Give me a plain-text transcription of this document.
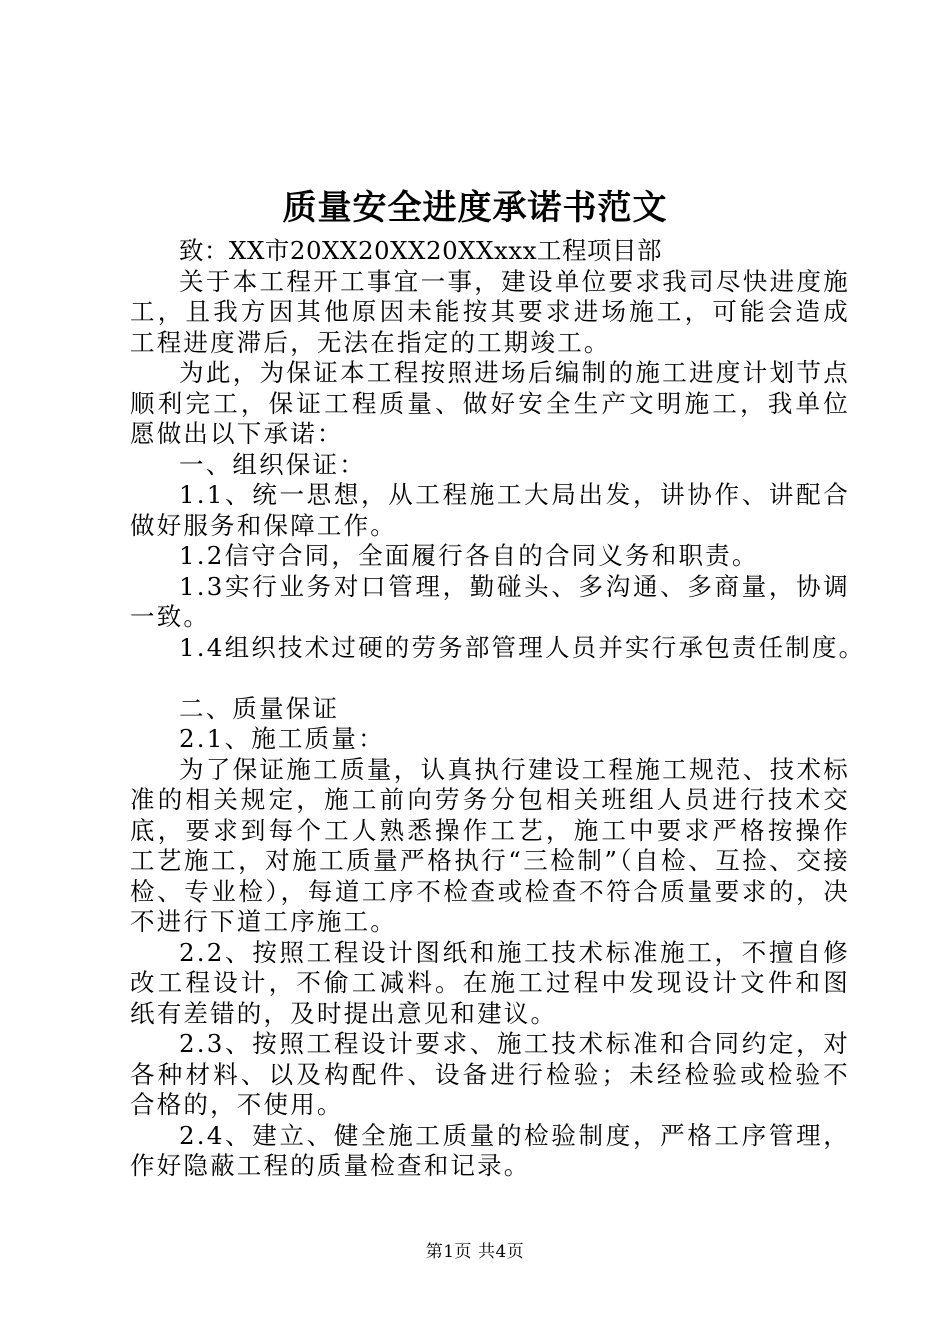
质量安全进度承诺书范文

致：XX市20XX20XX20XXxxx工程项目部

关于本工程开工事宜一事，建设单位要求我司尽快进度施工，且我方因其他原因未能按其要求进场施工，可能会造成工程进度滞后，无法在指定的工期竣工。

为此，为保证本工程按照进场后编制的施工进度计划节点顺利完工，保证工程质量、做好安全生产文明施工，我单位愿做出以下承诺：

一、组织保证：

1.1、统一思想，从工程施工大局出发，讲协作、讲配合做好服务和保障工作。

1.2信守合同，全面履行各自的合同义务和职责。

1.3实行业务对口管理，勤碰头、多沟通、多商量，协调一致。

1.4组织技术过硬的劳务部管理人员并实行承包责任制度。

二、质量保证

2.1、施工质量：

为了保证施工质量，认真执行建设工程施工规范、技术标准的相关规定，施工前向劳务分包相关班组人员进行技术交底，要求到每个工人熟悉操作工艺，施工中要求严格按操作工艺施工，对施工质量严格执行“三检制”（自检、互捡、交接检、专业检），每道工序不检查或检查不符合质量要求的，决不进行下道工序施工。

2.2、按照工程设计图纸和施工技术标准施工，不擅自修改工程设计，不偷工减料。在施工过程中发现设计文件和图纸有差错的，及时提出意见和建议。

2.3、按照工程设计要求、施工技术标准和合同约定，对各种材料、以及构配件、设备进行检验；未经检验或检验不合格的，不使用。

2.4、建立、健全施工质量的检验制度，严格工序管理，作好隐蔽工程的质量检查和记录。

第1页 共4页
